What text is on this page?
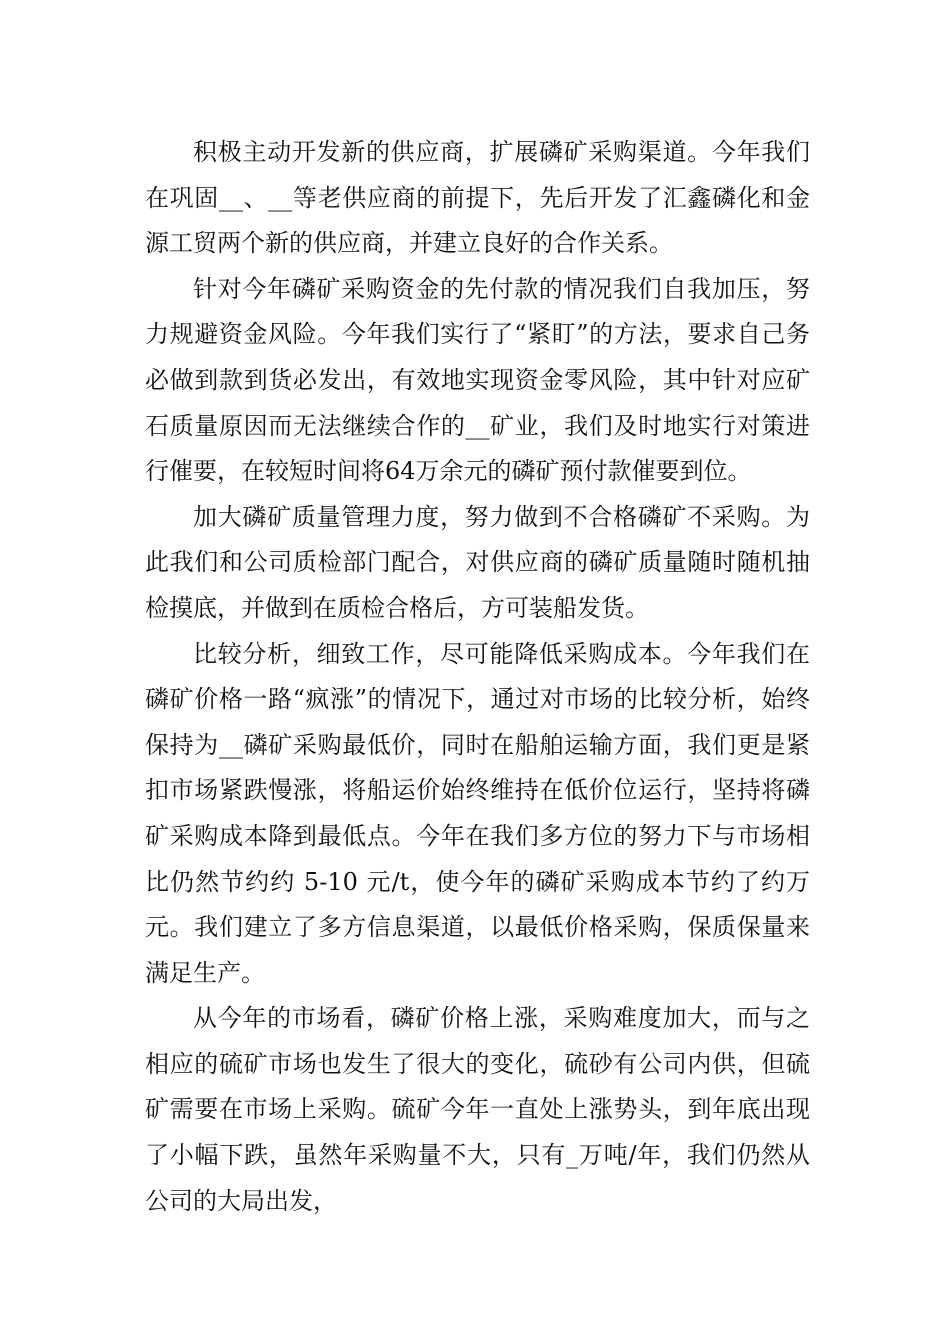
积极主动开发新的供应商，扩展磷矿采购渠道。今年我们在巩固__、__等老供应商的前提下，先后开发了汇鑫磷化和金源工贸两个新的供应商，并建立良好的合作关系。

针对今年磷矿采购资金的先付款的情况我们自我加压，努力规避资金风险。今年我们实行了“紧盯”的方法，要求自己务必做到款到货必发出，有效地实现资金零风险，其中针对应矿石质量原因而无法继续合作的__矿业，我们及时地实行对策进行催要，在较短时间将64万余元的磷矿预付款催要到位。

加大磷矿质量管理力度，努力做到不合格磷矿不采购。为此我们和公司质检部门配合，对供应商的磷矿质量随时随机抽检摸底，并做到在质检合格后，方可装船发货。

比较分析，细致工作，尽可能降低采购成本。今年我们在磷矿价格一路“疯涨”的情况下，通过对市场的比较分析，始终保持为__磷矿采购最低价，同时在船舶运输方面，我们更是紧扣市场紧跌慢涨，将船运价始终维持在低价位运行，坚持将磷矿采购成本降到最低点。今年在我们多方位的努力下与市场相比仍然节约约 5-10 元/t，使今年的磷矿采购成本节约了约万元。我们建立了多方信息渠道，以最低价格采购，保质保量来满足生产。

从今年的市场看，磷矿价格上涨，采购难度加大，而与之相应的硫矿市场也发生了很大的变化，硫砂有公司内供，但硫矿需要在市场上采购。硫矿今年一直处上涨势头，到年底出现了小幅下跌，虽然年采购量不大，只有_万吨/年，我们仍然从公司的大局出发，
